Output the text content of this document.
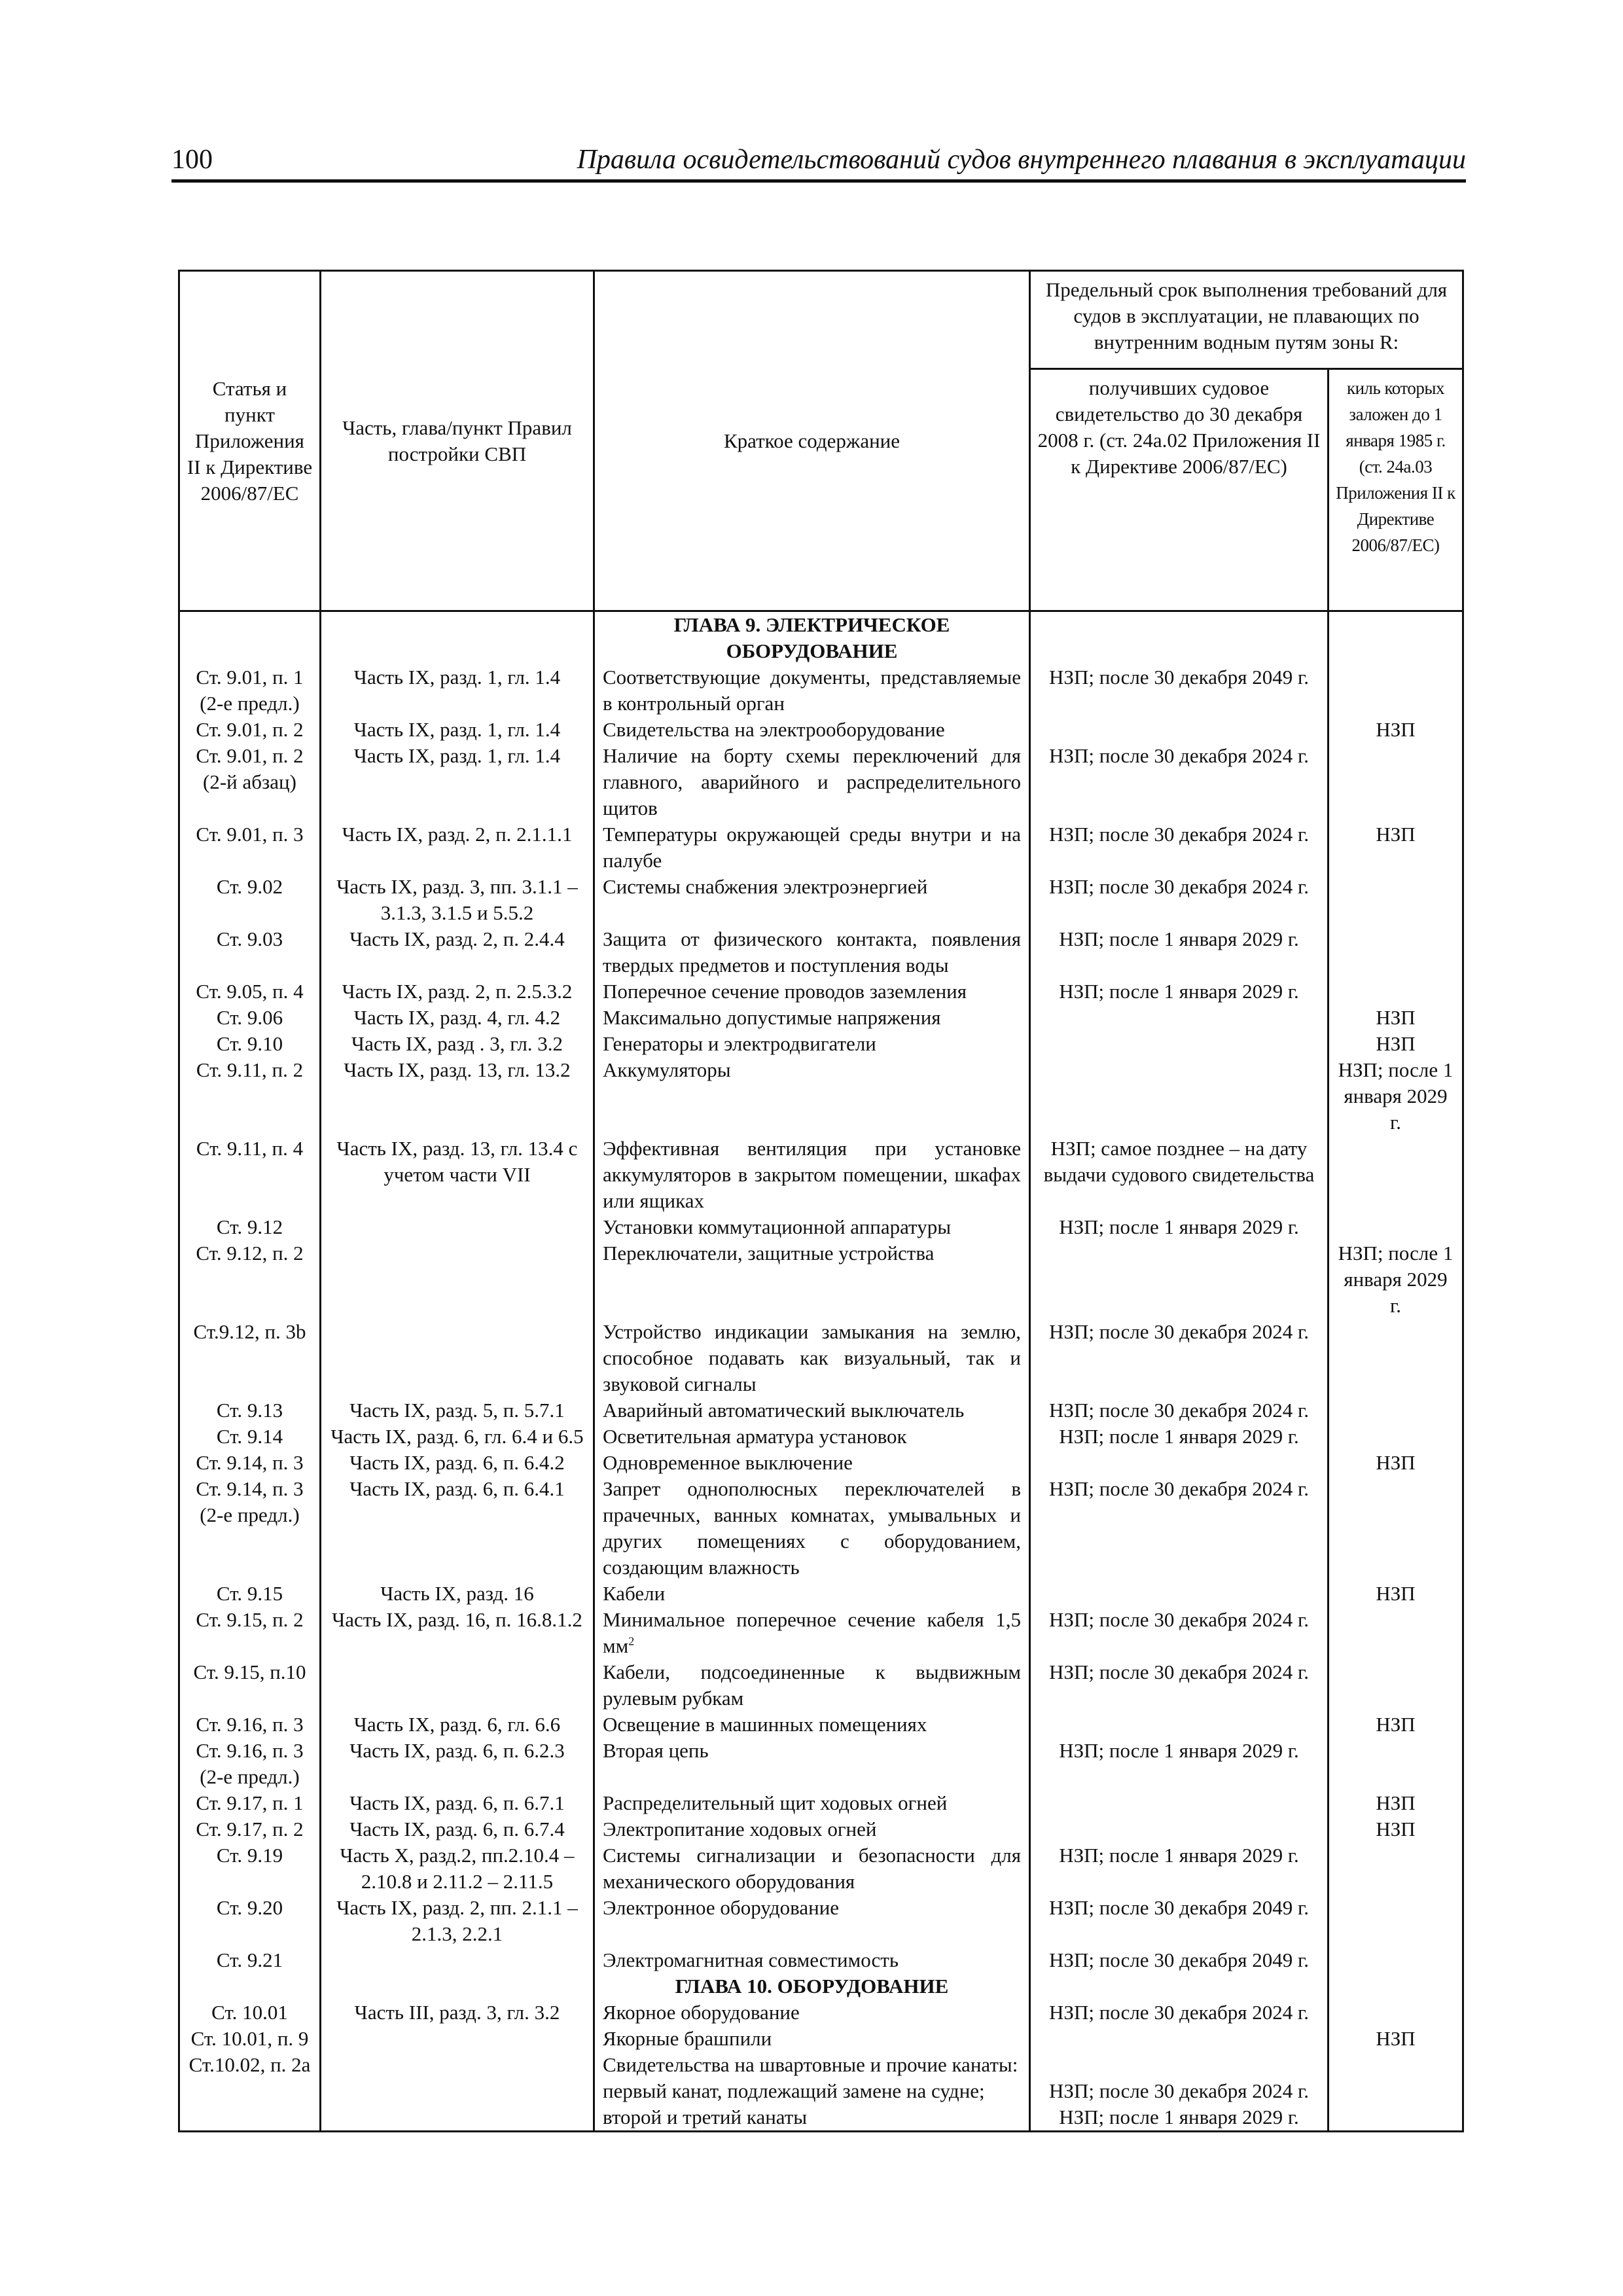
100	Правила освидетельствований судов внутреннего плавания в эксплуатации
Статья и пункт Приложения II к Директиве 2006/87/ЕС	Часть, глава/пункт Правил постройки СВП	Краткое содержание	Предельный срок выполнения требований для судов в эксплуатации, не плавающих по внутренним водным путям зоны R:	
			получивших судовое свидетельство до 30 декабря 2008 г. (ст. 24а.02 Приложения II к Директиве 2006/87/ЕС)	киль которых заложен до 1 января 1985 г. (ст. 24а.03 Приложения II к Директиве 2006/87/ЕС)
		ГЛАВА 9. ЭЛЕКТРИЧЕСКОЕ ОБОРУДОВАНИЕ		
Ст. 9.01, п. 1 (2-е предл.)	Часть IX, разд. 1, гл. 1.4	Соответствующие документы, представляемые в контрольный орган	НЗП; после 30 декабря 2049 г.	
Ст. 9.01, п. 2	Часть IX, разд. 1, гл. 1.4	Свидетельства на электрооборудование		НЗП
Ст. 9.01, п. 2 (2-й абзац)	Часть IX, разд. 1, гл. 1.4	Наличие на борту схемы переключений для главного, аварийного и распределительного щитов	НЗП; после 30 декабря 2024 г.	
Ст. 9.01, п. 3	Часть IX, разд. 2, п. 2.1.1.1	Температуры окружающей среды внутри и на палубе	НЗП; после 30 декабря 2024 г.	НЗП
Ст. 9.02	Часть IX, разд. 3, пп. 3.1.1 – 3.1.3, 3.1.5 и 5.5.2	Системы снабжения электроэнергией	НЗП; после 30 декабря 2024 г.	
Ст. 9.03	Часть IX, разд. 2, п. 2.4.4	Защита от физического контакта, появления твердых предметов и поступления воды	НЗП; после 1 января 2029 г.	
Ст. 9.05, п. 4	Часть IX, разд. 2, п. 2.5.3.2	Поперечное сечение проводов заземления	НЗП; после 1 января 2029 г.	
Ст. 9.06	Часть IX, разд. 4, гл. 4.2	Максимально допустимые напряжения		НЗП
Ст. 9.10	Часть IX, разд . 3, гл. 3.2	Генераторы и электродвигатели		НЗП
Ст. 9.11, п. 2	Часть IX, разд. 13, гл. 13.2	Аккумуляторы		НЗП; после 1 января 2029 г.
Ст. 9.11, п. 4	Часть IX, разд. 13, гл. 13.4 с учетом части VII	Эффективная вентиляция при установке аккумуляторов в закрытом помещении, шкафах или ящиках	НЗП; самое позднее – на дату выдачи судового свидетельства	
Ст. 9.12		Установки коммутационной аппаратуры	НЗП; после 1 января 2029 г.	
Ст. 9.12, п. 2		Переключатели, защитные устройства		НЗП; после 1 января 2029 г.
Ст.9.12, п. 3b		Устройство индикации замыкания на землю, способное подавать как визуальный, так и звуковой сигналы	НЗП; после 30 декабря 2024 г.	
Ст. 9.13	Часть IX, разд. 5, п. 5.7.1	Аварийный автоматический выключатель	НЗП; после 30 декабря 2024 г.	
Ст. 9.14	Часть IX, разд. 6, гл. 6.4 и 6.5	Осветительная арматура установок	НЗП; после 1 января 2029 г.	
Ст. 9.14, п. 3	Часть IX, разд. 6, п. 6.4.2	Одновременное выключение		НЗП
Ст. 9.14, п. 3 (2-е предл.)	Часть IX, разд. 6, п. 6.4.1	Запрет однополюсных переключателей в прачечных, ванных комнатах, умывальных и других помещениях с оборудованием, создающим влажность	НЗП; после 30 декабря 2024 г.	
Ст. 9.15	Часть IX, разд. 16	Кабели		НЗП
Ст. 9.15, п. 2	Часть IX, разд. 16, п. 16.8.1.2	Минимальное поперечное сечение кабеля 1,5 $мм^2$	НЗП; после 30 декабря 2024 г.	
Ст. 9.15, п.10		Кабели, подсоединенные к выдвижным рулевым рубкам	НЗП; после 30 декабря 2024 г.	
Ст. 9.16, п. 3	Часть IX, разд. 6, гл. 6.6	Освещение в машинных помещениях		НЗП
Ст. 9.16, п. 3 (2-е предл.)	Часть IX, разд. 6, п. 6.2.3	Вторая цепь	НЗП; после 1 января 2029 г.	
Ст. 9.17, п. 1	Часть IX, разд. 6, п. 6.7.1	Распределительный щит ходовых огней		НЗП
Ст. 9.17, п. 2	Часть IX, разд. 6, п. 6.7.4	Электропитание ходовых огней		НЗП
Ст. 9.19	Часть X, разд.2, пп.2.10.4 – 2.10.8 и 2.11.2 – 2.11.5	Системы сигнализации и безопасности для механического оборудования	НЗП; после 1 января 2029 г.	
Ст. 9.20	Часть IX, разд. 2, пп. 2.1.1 – 2.1.3, 2.2.1	Электронное оборудование	НЗП; после 30 декабря 2049 г.	
Ст. 9.21		Электромагнитная совместимость	НЗП; после 30 декабря 2049 г.	
		ГЛАВА 10. ОБОРУДОВАНИЕ		
Ст. 10.01	Часть III, разд. 3, гл. 3.2	Якорное оборудование	НЗП; после 30 декабря 2024 г.	
Ст. 10.01, п. 9		Якорные брашпили		НЗП
Ст.10.02, п. 2а		Свидетельства на швартовные и прочие канаты:		
		первый канат, подлежащий замене на судне;	НЗП; после 30 декабря 2024 г.	
		второй и третий канаты	НЗП; после 1 января 2029 г.	
